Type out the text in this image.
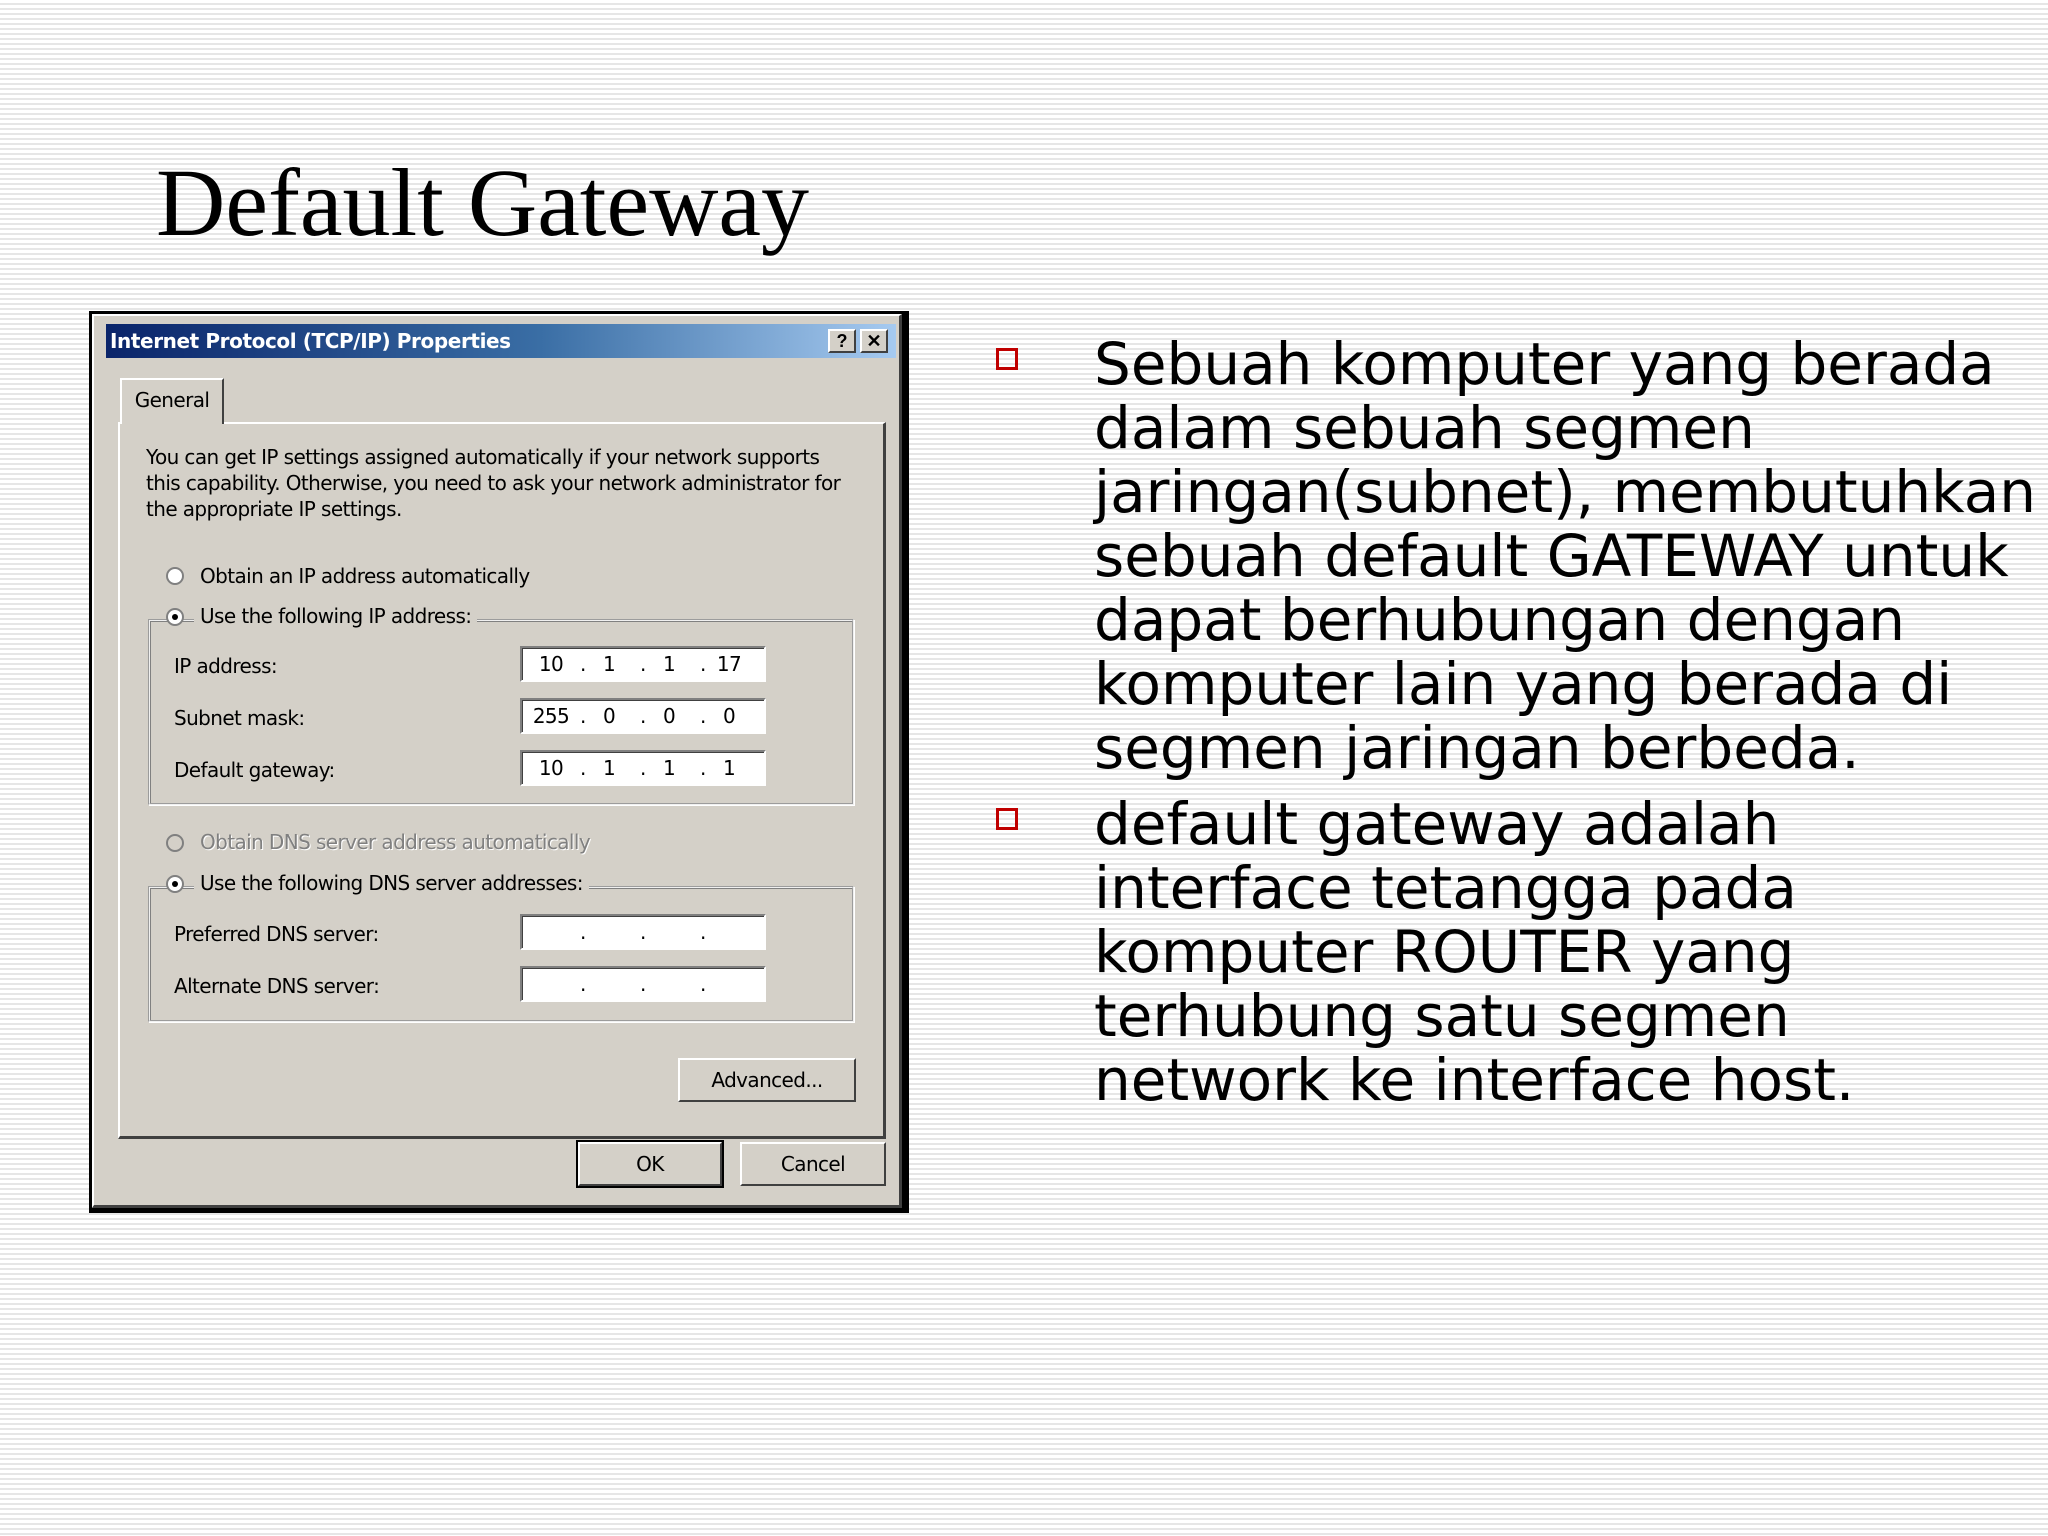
Default Gateway
Internet Protocol (TCP/IP) Properties	?	✕
General
You can get IP settings assigned automatically if your network supports this capability. Otherwise, you need to ask your network administrator for the appropriate IP settings.
Obtain an IP address automatically
Use the following IP address:
IP address:	10 . 1	. 1	. 17
Subnet mask:	255 . 0	. 0	. 0
Default gateway:	10 . 1	. 1	. 1
Obtain DNS server address automatically
Use the following DNS server addresses:
Preferred DNS server:	.	.	.
Alternate DNS server:	.	.	.
Advanced...
OK	Cancel
Sebuah komputer yang berada dalam sebuah segmen jaringan(subnet), membutuhkan sebuah default GATEWAY untuk dapat berhubungan dengan komputer lain yang berada di segmen jaringan berbeda.
default gateway adalah interface tetangga pada komputer ROUTER yang terhubung satu segmen network ke interface host.
